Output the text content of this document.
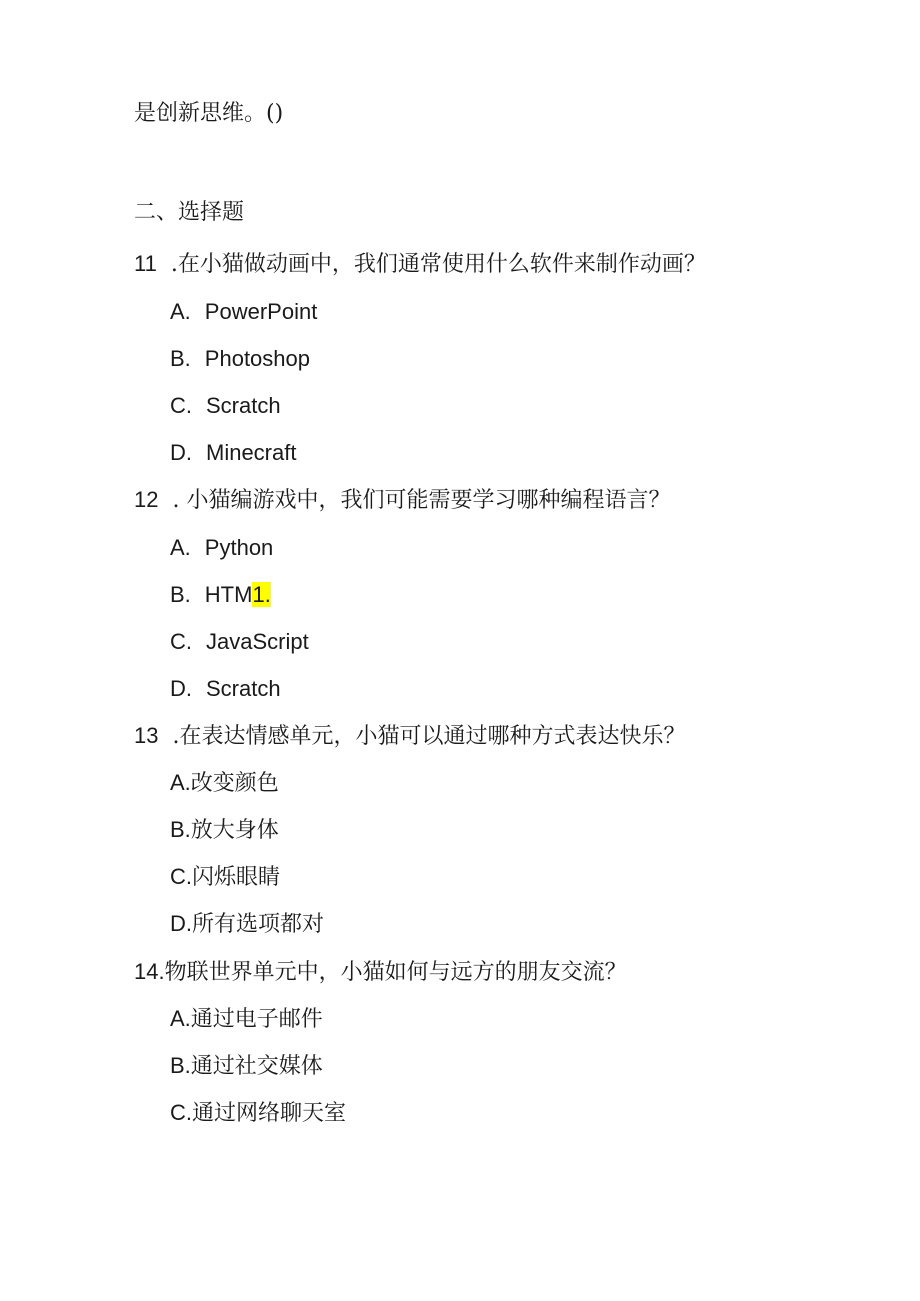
是创新思维。()
二、选择题
11 .在小猫做动画中，我们通常使用什么软件来制作动画？
A. PowerPoint
B. Photoshop
C. Scratch
D. Minecraft
12 . 小猫编游戏中，我们可能需要学习哪种编程语言？
A. Python
B. HTM1.
C. JavaScript
D. Scratch
13 .在表达情感单元，小猫可以通过哪种方式表达快乐？
A.改变颜色
B.放大身体
C.闪烁眼睛
D.所有选项都对
14.物联世界单元中，小猫如何与远方的朋友交流？
A.通过电子邮件
B.通过社交媒体
C.通过网络聊天室
